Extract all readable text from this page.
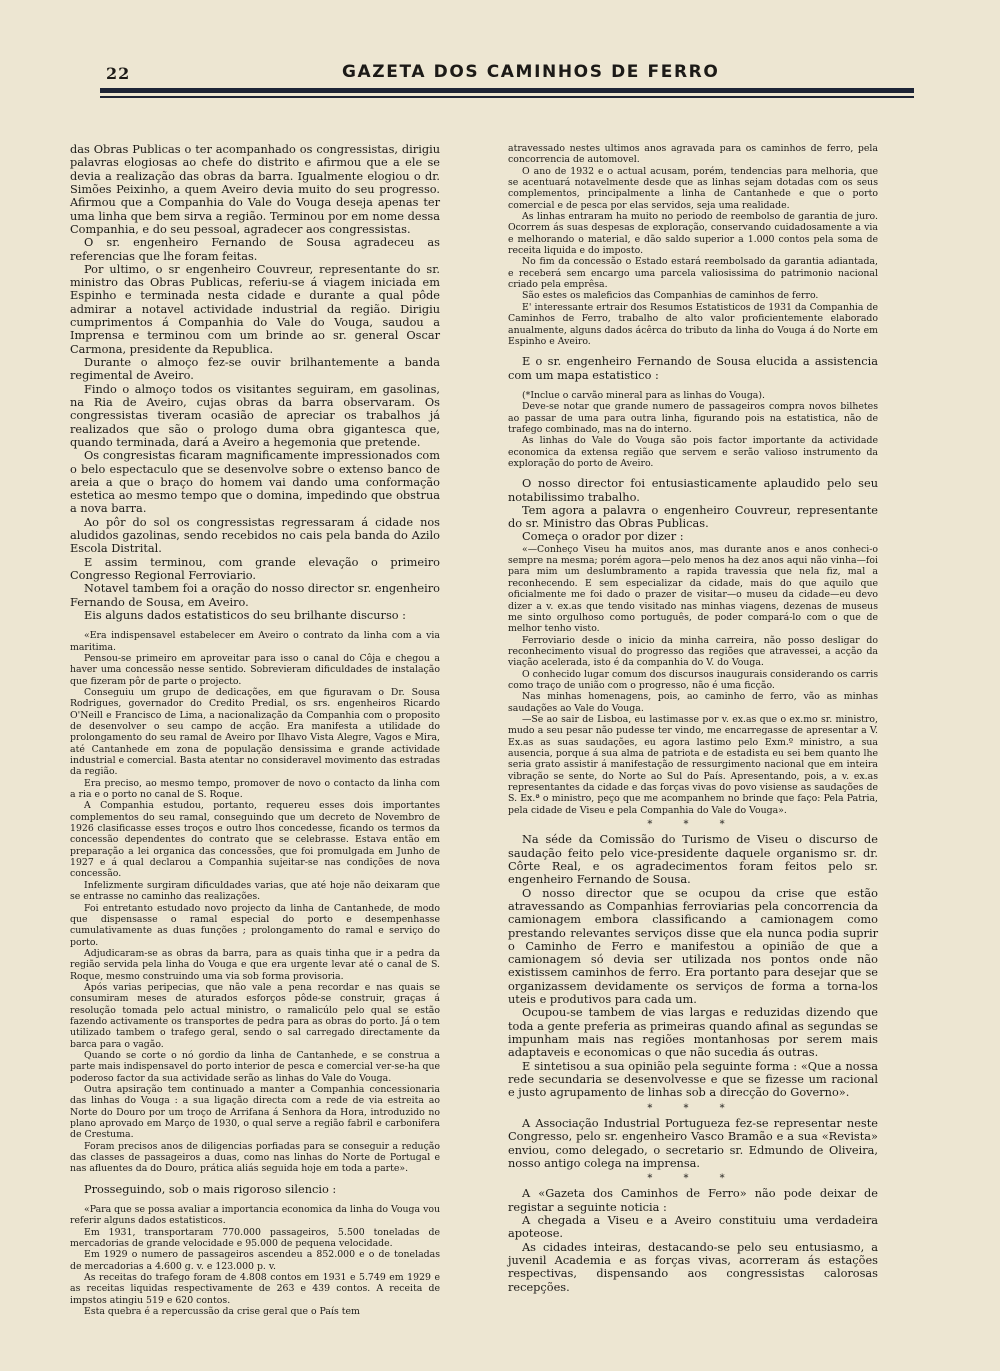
22	GAZETA DOS CAMINHOS DE FERRO

das Obras Publicas o ter acompanhado os congressistas, dirigiu palavras elogiosas ao chefe do distrito e afirmou que a ele se devia a realização das obras da barra. Igualmente elogiou o dr. Simões Peixinho, a quem Aveiro devia muito do seu progresso. Afirmou que a Companhia do Vale do Vouga deseja apenas ter uma linha que bem sirva a região. Terminou por em nome dessa Companhia, e do seu pessoal, agradecer aos congressistas.

O sr. engenheiro Fernando de Sousa agradeceu as referencias que lhe foram feitas.

Por ultimo, o sr engenheiro Couvreur, representante do sr. ministro das Obras Publicas, referiu-se á viagem iniciada em Espinho e terminada nesta cidade e durante a qual pôde admirar a notavel actividade industrial da região. Dirigiu cumprimentos á Companhia do Vale do Vouga, saudou a Imprensa e terminou com um brinde ao sr. general Oscar Carmona, presidente da Republica.

Durante o almoço fez-se ouvir brilhantemente a banda regimental de Aveiro.

Findo o almoço todos os visitantes seguiram, em gasolinas, na Ria de Aveiro, cujas obras da barra observaram. Os congressistas tiveram ocasião de apreciar os trabalhos já realizados que são o prologo duma obra gigantesca que, quando terminada, dará a Aveiro a hegemonia que pretende.

Os congresistas ficaram magnificamente impressionados com o belo espectaculo que se desenvolve sobre o extenso banco de areia a que o braço do homem vai dando uma conformação estetica ao mesmo tempo que o domina, impedindo que obstrua a nova barra.

Ao pôr do sol os congressistas regressaram á cidade nos aludidos gazolinas, sendo recebidos no cais pela banda do Azilo Escola Distrital.

E assim terminou, com grande elevação o primeiro Congresso Regional Ferroviario.

Notavel tambem foi a oração do nosso director sr. engenheiro Fernando de Sousa, em Aveiro.

Eis alguns dados estatisticos do seu brilhante discurso :

«Era indispensavel estabelecer em Aveiro o contrato da linha com a via maritima.

Pensou-se primeiro em aproveitar para isso o canal do Côja e chegou a haver uma concessão nesse sentido. Sobrevieram dificuldades de instalação que fizeram pôr de parte o projecto.

Conseguiu um grupo de dedicações, em que figuravam o Dr. Sousa Rodrigues, governador do Credito Predial, os srs. engenheiros Ricardo O'Neill e Francisco de Lima, a nacionalização da Companhia com o proposito de desenvolver o seu campo de acção. Era manifesta a utilidade do prolongamento do seu ramal de Aveiro por Ilhavo Vista Alegre, Vagos e Mira, até Cantanhede em zona de população densissima e grande actividade industrial e comercial. Basta atentar no consideravel movimento das estradas da região.

Era preciso, ao mesmo tempo, promover de novo o contacto da linha com a ria e o porto no canal de S. Roque.

A Companhia estudou, portanto, requereu esses dois importantes complementos do seu ramal, conseguindo que um decreto de Novembro de 1926 clasificasse esses troços e outro lhos concedesse, ficando os termos da concessão dependentes do contrato que se celebrasse. Estava então em preparação a lei organica das concessões, que foi promulgada em Junho de 1927 e á qual declarou a Companhia sujeitar-se nas condições de nova concessão.

Infelizmente surgiram dificuldades varias, que até hoje não deixaram que se entrasse no caminho das realizações.

Foi entretanto estudado novo projecto da linha de Cantanhede, de modo que dispensasse o ramal especial do porto e desempenhasse cumulativamente as duas funções ; prolongamento do ramal e serviço do porto.

Adjudicaram-se as obras da barra, para as quais tinha que ir a pedra da região servida pela linha do Vouga e que era urgente levar até o canal de S. Roque, mesmo construindo uma via sob forma provisoria.

Após varias peripecias, que não vale a pena recordar e nas quais se consumiram meses de aturados esforços pôde-se construir, graças á resolução tomada pelo actual ministro, o ramalicúlo pelo qual se estão fazendo activamente os transportes de pedra para as obras do porto. Já o tem utilizado tambem o trafego geral, sendo o sal carregado directamente da barca para o vagão.

Quando se corte o nó gordio da linha de Cantanhede, e se construa a parte mais indispensavel do porto interior de pesca e comercial ver-se-ha que poderoso factor da sua actividade serão as linhas do Vale do Vouga.

Outra apsiração tem continuado a manter a Companhia concessionaria das linhas do Vouga : a sua ligação directa com a rede de via estreita ao Norte do Douro por um troço de Arrifana á Senhora da Hora, introduzido no plano aprovado em Março de 1930, o qual serve a região fabril e carbonifera de Crestuma.

Foram precisos anos de diligencias porfiadas para se conseguir a redução das classes de passageiros a duas, como nas linhas do Norte de Portugal e nas afluentes da do Douro, prática aliás seguida hoje em toda a parte».

Prosseguindo, sob o mais rigoroso silencio :

«Para que se possa avaliar a importancia economica da linha do Vouga vou referir alguns dados estatisticos.

Em 1931, transportaram 770.000 passageiros, 5.500 toneladas de mercadorias de grande velocidade e 95.000 de pequena velocidade.

Em 1929 o numero de passageiros ascendeu a 852.000 e o de toneladas de mercadorias a 4.600 g. v. e 123.000 p. v.

As receitas do trafego foram de 4.808 contos em 1931 e 5.749 em 1929 e as receitas liquidas respectivamente de 263 e 439 contos. A receita de impstos atingiu 519 e 620 contos.

Esta quebra é a repercussão da crise geral que o País tem

atravessado nestes ultimos anos agravada para os caminhos de ferro, pela concorrencia de automovel.

O ano de 1932 e o actual acusam, porém, tendencias para melhoria, que se acentuará notavelmente desde que as linhas sejam dotadas com os seus complementos, principalmente a linha de Cantanhede e que o porto comercial e de pesca por elas servidos, seja uma realidade.

As linhas entraram ha muito no periodo de reembolso de garantia de juro. Ocorrem ás suas despesas de exploração, conservando cuidadosamente a via e melhorando o material, e dão saldo superior a 1.000 contos pela soma de receita liquida e do imposto.

No fim da concessão o Estado estará reembolsado da garantia adiantada, e receberá sem encargo uma parcela valiosissima do patrimonio nacional criado pela emprêsa.

São estes os maleficios das Companhias de caminhos de ferro.

E' interessante ertrair dos Resumos Estatisticos de 1931 da Companhia de Caminhos de Ferro, trabalho de alto valor proficientemente elaborado anualmente, alguns dados ácêrca do tributo da linha do Vouga á do Norte em Espinho e Aveiro.

E o sr. engenheiro Fernando de Sousa elucida a assistencia com um mapa estatistico :

(*Inclue o carvão mineral para as linhas do Vouga).

Deve-se notar que grande numero de passageiros compra novos bilhetes ao passar de uma para outra linha, figurando pois na estatistica, não de trafego combinado, mas na do interno.

As linhas do Vale do Vouga são pois factor importante da actividade economica da extensa região que servem e serão valioso instrumento da exploração do porto de Aveiro.

O nosso director foi entusiasticamente aplaudido pelo seu notabilissimo trabalho.

Tem agora a palavra o engenheiro Couvreur, representante do sr. Ministro das Obras Publicas.

Começa o orador por dizer :

«—Conheço Viseu ha muitos anos, mas durante anos e anos conheci-o sempre na mesma; porém agora—pelo menos ha dez anos aqui não vinha—foi para mim um deslumbramento a rapida travessia que nela fiz, mal a reconhecendo. E sem especializar da cidade, mais do que aquilo que oficialmente me foi dado o prazer de visitar—o museu da cidade—eu devo dizer a v. ex.as que tendo visitado nas minhas viagens, dezenas de museus me sinto orgulhoso como português, de poder compará-lo com o que de melhor tenho visto.

Ferroviario desde o inicio da minha carreira, não posso desligar do reconhecimento visual do progresso das regiões que atravessei, a acção da viação acelerada, isto é da companhia do V. do Vouga.

O conhecido lugar comum dos discursos inaugurais considerando os carris como traço de união com o progresso, não é uma ficção.

Nas minhas homenagens, pois, ao caminho de ferro, vão as minhas saudações ao Vale do Vouga.

—Se ao sair de Lisboa, eu lastimasse por v. ex.as que o ex.mo sr. ministro, mudo a seu pesar não pudesse ter vindo, me encarregasse de apresentar a V. Ex.as as suas saudações, eu agora lastimo pelo Exm.º ministro, a sua ausencia, porque á sua alma de patriota e de estadista eu sei bem quanto lhe seria grato assistir á manifestação de ressurgimento nacional que em inteira vibração se sente, do Norte ao Sul do País. Apresentando, pois, a v. ex.as representantes da cidade e das forças vivas do povo visiense as saudações de S. Ex.ª o ministro, peço que me acompanhem no brinde que faço: Pela Patria, pela cidade de Viseu e pela Companhia do Vale do Vouga».

* * *

Na séde da Comissão do Turismo de Viseu o discurso de saudação feito pelo vice-presidente daquele organismo sr. dr. Côrte Real, e os agradecimentos foram feitos pelo sr. engenheiro Fernando de Sousa.

O nosso director que se ocupou da crise que estão atravessando as Companhias ferroviarias pela concorrencia da camionagem embora classificando a camionagem como prestando relevantes serviços disse que ela nunca podia suprir o Caminho de Ferro e manifestou a opinião de que a camionagem só devia ser utilizada nos pontos onde não existissem caminhos de ferro. Era portanto para desejar que se organizassem devidamente os serviços de forma a torna-los uteis e produtivos para cada um.

Ocupou-se tambem de vias largas e reduzidas dizendo que toda a gente preferia as primeiras quando afinal as segundas se impunham mais nas regiões montanhosas por serem mais adaptaveis e economicas o que não sucedia ás outras.

E sintetisou a sua opinião pela seguinte forma : «Que a nossa rede secundaria se desenvolvesse e que se fizesse um racional e justo agrupamento de linhas sob a direcção do Governo».

* * *

A Associação Industrial Portugueza fez-se representar neste Congresso, pelo sr. engenheiro Vasco Bramão e a sua «Revista» enviou, como delegado, o secretario sr. Edmundo de Oliveira, nosso antigo colega na imprensa.

* * *

A «Gazeta dos Caminhos de Ferro» não pode deixar de registar a seguinte noticia :

A chegada a Viseu e a Aveiro constituiu uma verdadeira apoteose.

As cidades inteiras, destacando-se pelo seu entusiasmo, a juvenil Academia e as forças vivas, acorreram ás estações respectivas, dispensando aos congressistas calorosas recepções.
